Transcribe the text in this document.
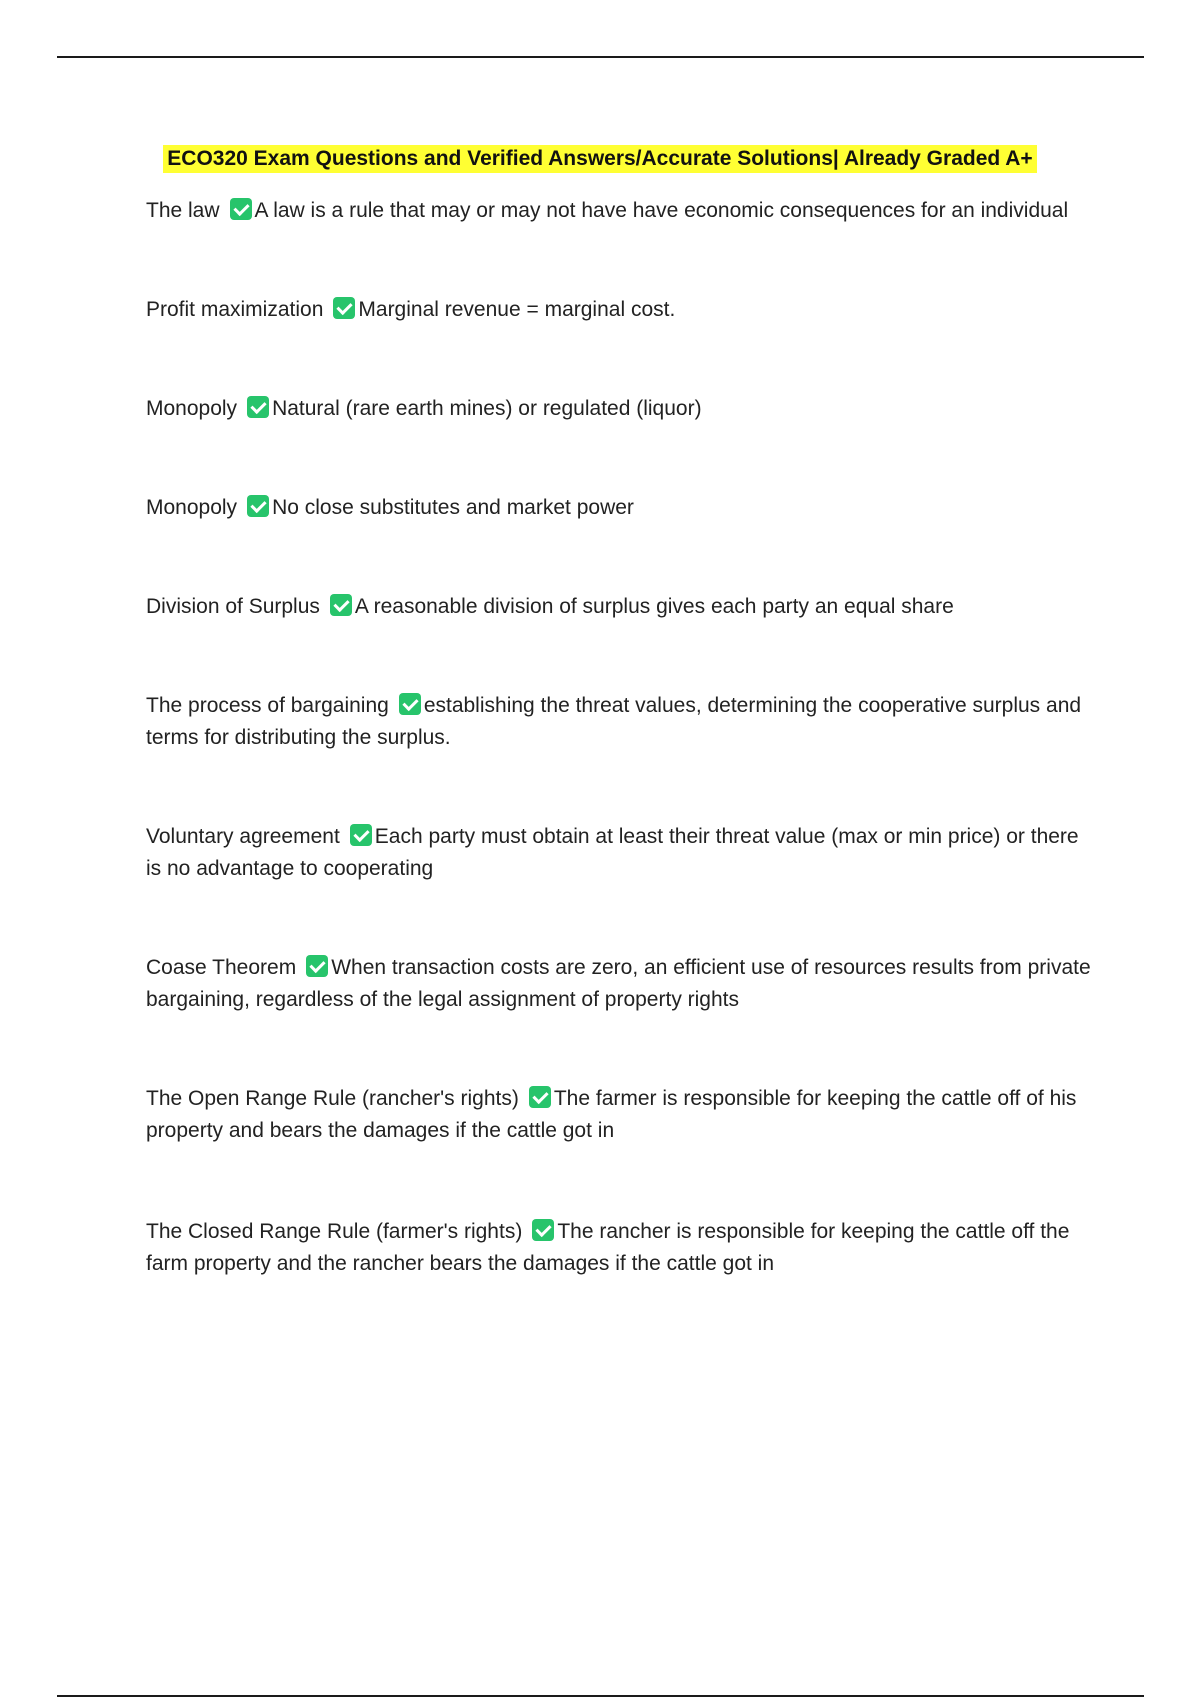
ECO320 Exam Questions and Verified Answers/Accurate Solutions| Already Graded A+

The law A law is a rule that may or may not have have economic consequences for an individual

Profit maximization Marginal revenue = marginal cost.

Monopoly Natural (rare earth mines) or regulated (liquor)

Monopoly No close substitutes and market power

Division of Surplus A reasonable division of surplus gives each party an equal share

The process of bargaining establishing the threat values, determining the cooperative surplus and terms for distributing the surplus.

Voluntary agreement Each party must obtain at least their threat value (max or min price) or there is no advantage to cooperating

Coase Theorem When transaction costs are zero, an efficient use of resources results from private bargaining, regardless of the legal assignment of property rights

The Open Range Rule (rancher's rights) The farmer is responsible for keeping the cattle off of his property and bears the damages if the cattle got in

The Closed Range Rule (farmer's rights) The rancher is responsible for keeping the cattle off the farm property and the rancher bears the damages if the cattle got in
